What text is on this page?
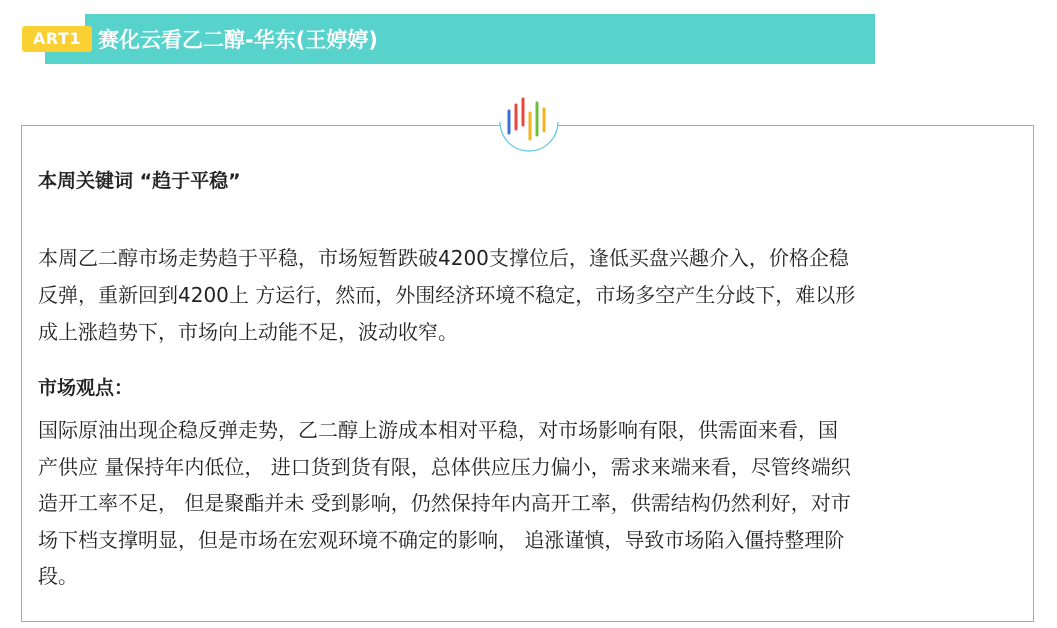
ART1 赛化云看乙二醇-华东(王婷婷)
本周关键词 “趋于平稳”
本周乙二醇市场走势趋于平稳，市场短暂跌破4200支撑位后，逢低买盘兴趣介入，价格企稳
反弹，重新回到4200上 方运行，然而，外围经济环境不稳定，市场多空产生分歧下，难以形
成上涨趋势下，市场向上动能不足，波动收窄。
市场观点：
国际原油出现企稳反弹走势，乙二醇上游成本相对平稳，对市场影响有限，供需面来看，国
产供应 量保持年内低位， 进口货到货有限，总体供应压力偏小，需求来端来看，尽管终端织
造开工率不足， 但是聚酯并未 受到影响，仍然保持年内高开工率，供需结构仍然利好，对市
场下档支撑明显，但是市场在宏观环境不确定的影响， 追涨谨慎，导致市场陷入僵持整理阶
段。
